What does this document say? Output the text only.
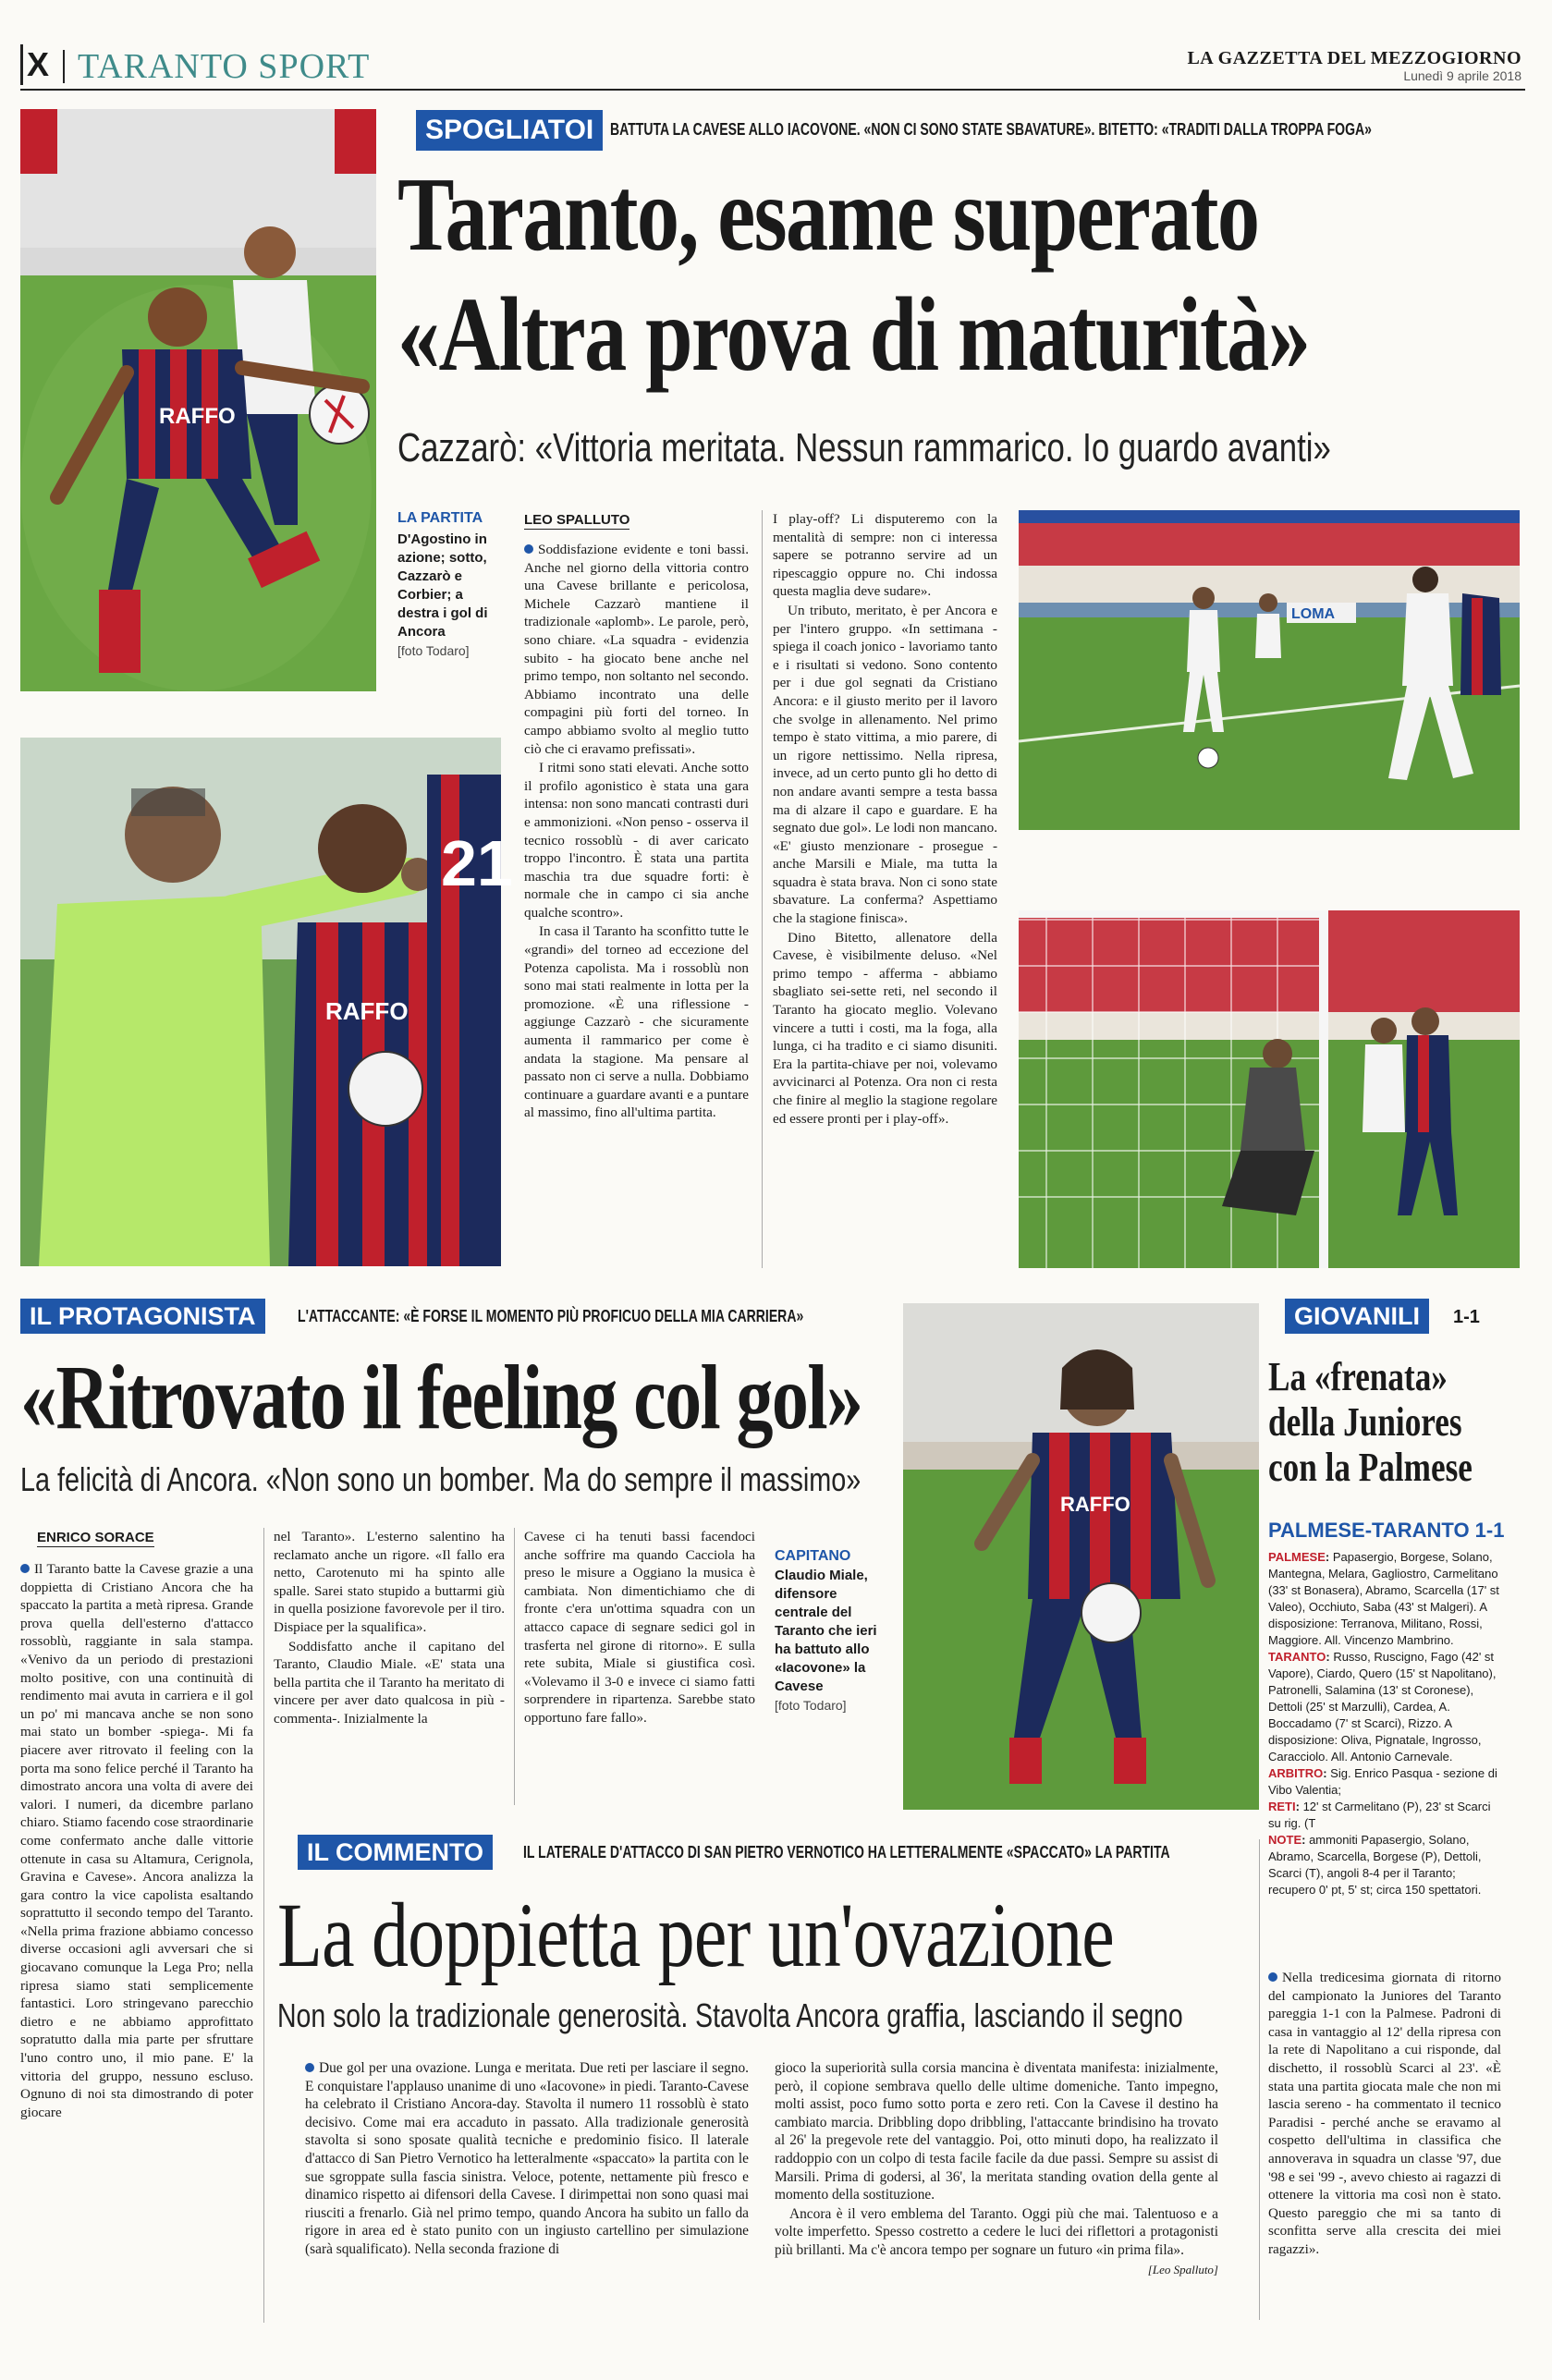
X TARANTO SPORT	LA GAZZETTA DEL MEZZOGIORNO
Lunedì 9 aprile 2018
RAFFO
SPOGLIATOI BATTUTA LA CAVESE ALLO IACOVONE. «NON CI SONO STATE SBAVATURE». BITETTO: «TRADITI DALLA TROPPA FOGA»
Taranto, esame superato
«Altra prova di maturità»
Cazzarò: «Vittoria meritata. Nessun rammarico. Io guardo avanti»
LA PARTITA
D'Agostino in azione; sotto, Cazzarò e Corbier; a destra i gol di Ancora
[foto Todaro]
RAFFO
21
LEO SPALLUTO

Soddisfazione evidente e toni bassi. Anche nel giorno della vittoria contro una Cavese brillante e pericolosa, Michele Cazzarò mantiene il tradizionale «aplomb». Le parole, però, sono chiare. «La squadra - evidenzia subito - ha giocato bene anche nel primo tempo, non soltanto nel secondo. Abbiamo incontrato una delle compagini più forti del torneo. In campo abbiamo svolto al meglio tutto ciò che ci eravamo prefissati».

I ritmi sono stati elevati. Anche sotto il profilo agonistico è stata una gara intensa: non sono mancati contrasti duri e ammonizioni. «Non penso - osserva il tecnico rossoblù - di aver caricato troppo l'incontro. È stata una partita maschia tra due squadre forti: è normale che in campo ci sia anche qualche scontro».

In casa il Taranto ha sconfitto tutte le «grandi» del torneo ad eccezione del Potenza capolista. Ma i rossoblù non sono mai stati realmente in lotta per la promozione. «È una riflessione - aggiunge Cazzarò - che sicuramente aumenta il rammarico per come è andata la stagione. Ma pensare al passato non ci serve a nulla. Dobbiamo continuare a guardare avanti e a puntare al massimo, fino all'ultima partita.

I play-off? Li disputeremo con la mentalità di sempre: non ci interessa sapere se potranno servire ad un ripescaggio oppure no. Chi indossa questa maglia deve sudare».

Un tributo, meritato, è per Ancora e per l'intero gruppo. «In settimana - spiega il coach jonico - lavoriamo tanto e i risultati si vedono. Sono contento per i due gol segnati da Cristiano Ancora: e il giusto merito per il lavoro che svolge in allenamento. Nel primo tempo è stato vittima, a mio parere, di un rigore nettissimo. Nella ripresa, invece, ad un certo punto gli ho detto di non andare avanti sempre a testa bassa ma di alzare il capo e guardare. E ha segnato due gol». Le lodi non mancano. «E' giusto menzionare - prosegue - anche Marsili e Miale, ma tutta la squadra è stata brava. Non ci sono state sbavature. La conferma? Aspettiamo che la stagione finisca».

Dino Bitetto, allenatore della Cavese, è visibilmente deluso. «Nel primo tempo - afferma - abbiamo sbagliato sei-sette reti, nel secondo il Taranto ha giocato meglio. Volevano vincere a tutti i costi, ma la foga, alla lunga, ci ha tradito e ci siamo disuniti. Era la partita-chiave per noi, volevamo avvicinarci al Potenza. Ora non ci resta che finire al meglio la stagione regolare ed essere pronti per i play-off».

LOMA
IL PROTAGONISTA	L'ATTACCANTE: «È FORSE IL MOMENTO PIÙ PROFICUO DELLA MIA CARRIERA»
«Ritrovato il feeling col gol»
La felicità di Ancora. «Non sono un bomber. Ma do sempre il massimo»
ENRICO SORACE

Il Taranto batte la Cavese grazie a una doppietta di Cristiano Ancora che ha spaccato la partita a metà ripresa. Grande prova quella dell'esterno d'attacco rossoblù, raggiante in sala stampa. «Venivo da un periodo di prestazioni molto positive, con una continuità di rendimento mai avuta in carriera e il gol un po' mi mancava anche se non sono mai stato un bomber -spiega-. Mi fa piacere aver ritrovato il feeling con la porta ma sono felice perché il Taranto ha dimostrato ancora una volta di avere dei valori. I numeri, da dicembre parlano chiaro. Stiamo facendo cose straordinarie come confermato anche dalle vittorie ottenute in casa su Altamura, Cerignola, Gravina e Cavese». Ancora analizza la gara contro la vice capolista esaltando soprattutto il secondo tempo del Taranto. «Nella prima frazione abbiamo concesso diverse occasioni agli avversari che si giocavano comunque la Lega Pro; nella ripresa siamo stati semplicemente fantastici. Loro stringevano parecchio dietro e ne abbiamo approfittato sopratutto dalla mia parte per sfruttare l'uno contro uno, il mio pane. E' la vittoria del gruppo, nessuno escluso. Ognuno di noi sta dimostrando di poter giocare

nel Taranto». L'esterno salentino ha reclamato anche un rigore. «Il fallo era netto, Carotenuto mi ha spinto alle spalle. Sarei stato stupido a buttarmi giù in quella posizione favorevole per il tiro. Dispiace per la squalifica».

Soddisfatto anche il capitano del Taranto, Claudio Miale. «E' stata una bella partita che il Taranto ha meritato di vincere per aver dato qualcosa in più -commenta-. Inizialmente la

Cavese ci ha tenuti bassi facendoci anche soffrire ma quando Cacciola ha preso le misure a Oggiano la musica è cambiata. Non dimentichiamo che di fronte c'era un'ottima squadra con un attacco capace di segnare sedici gol in trasferta nel girone di ritorno». E sulla rete subita, Miale si giustifica così. «Volevamo il 3-0 e invece ci siamo fatti sorprendere in ripartenza. Sarebbe stato opportuno fare fallo».

CAPITANO
Claudio Miale, difensore centrale del Taranto che ieri ha battuto allo «Iacovone» la Cavese
[foto Todaro]
RAFFO
GIOVANILI	1-1
La «frenata» della Juniores con la Palmese
PALMESE-TARANTO 1-1

PALMESE: Papasergio, Borgese, Solano, Mantegna, Melara, Gagliostro, Carmelitano (33' st Bonasera), Abramo, Scarcella (17' st Valeo), Occhiuto, Saba (43' st Malgeri). A disposizione: Terranova, Militano, Rossi, Maggiore. All. Vincenzo Mambrino.

TARANTO: Russo, Ruscigno, Fago (42' st Vapore), Ciardo, Quero (15' st Napolitano), Patronelli, Salamina (13' st Coronese), Dettoli (25' st Marzulli), Cardea, A. Boccadamo (7' st Scarci), Rizzo. A disposizione: Oliva, Pignatale, Ingrosso, Caracciolo. All. Antonio Carnevale.

ARBITRO: Sig. Enrico Pasqua - sezione di Vibo Valentia;

RETI: 12' st Carmelitano (P), 23' st Scarci su rig. (T

NOTE: ammoniti Papasergio, Solano, Abramo, Scarcella, Borgese (P), Dettoli, Scarci (T), angoli 8-4 per il Taranto; recupero 0' pt, 5' st; circa 150 spettatori.

Nella tredicesima giornata di ritorno del campionato la Juniores del Taranto pareggia 1-1 con la Palmese. Padroni di casa in vantaggio al 12' della ripresa con la rete di Napolitano a cui risponde, dal dischetto, il rossoblù Scarci al 23'. «È stata una partita giocata male che non mi lascia sereno - ha commentato il tecnico Paradisi - perché anche se eravamo al cospetto dell'ultima in classifica che annoverava in squadra un classe '97, due '98 e sei '99 -, avevo chiesto ai ragazzi di ottenere la vittoria ma così non è stato. Questo pareggio che mi sa tanto di sconfitta serve alla crescita dei miei ragazzi».

IL COMMENTO	IL LATERALE D'ATTACCO DI SAN PIETRO VERNOTICO HA LETTERALMENTE «SPACCATO» LA PARTITA
La doppietta per un'ovazione
Non solo la tradizionale generosità. Stavolta Ancora graffia, lasciando il segno

Due gol per una ovazione. Lunga e meritata. Due reti per lasciare il segno. E conquistare l'applauso unanime di uno «Iacovone» in piedi. Taranto-Cavese ha celebrato il Cristiano Ancora-day. Stavolta il numero 11 rossoblù è stato decisivo. Come mai era accaduto in passato. Alla tradizionale generosità stavolta si sono sposate qualità tecniche e predominio fisico. Il laterale d'attacco di San Pietro Vernotico ha letteralmente «spaccato» la partita con le sue sgroppate sulla fascia sinistra. Veloce, potente, nettamente più fresco e dinamico rispetto ai difensori della Cavese. I dirimpettai non sono quasi mai riusciti a frenarlo. Già nel primo tempo, quando Ancora ha subito un fallo da rigore in area ed è stato punito con un ingiusto cartellino per simulazione (sarà squalificato). Nella seconda frazione di

gioco la superiorità sulla corsia mancina è diventata manifesta: inizialmente, però, il copione sembrava quello delle ultime domeniche. Tanto impegno, molti assist, poco fumo sotto porta e zero reti. Con la Cavese il destino ha cambiato marcia. Dribbling dopo dribbling, l'attaccante brindisino ha trovato al 26' la pregevole rete del vantaggio. Poi, otto minuti dopo, ha realizzato il raddoppio con un colpo di testa facile facile da due passi. Sempre su assist di Marsili. Prima di godersi, al 36', la meritata standing ovation della gente al momento della sostituzione.

Ancora è il vero emblema del Taranto. Oggi più che mai. Talentuoso e a volte imperfetto. Spesso costretto a cedere le luci dei riflettori a protagonisti più brillanti. Ma c'è ancora tempo per sognare un futuro «in prima fila».

[Leo Spalluto]
